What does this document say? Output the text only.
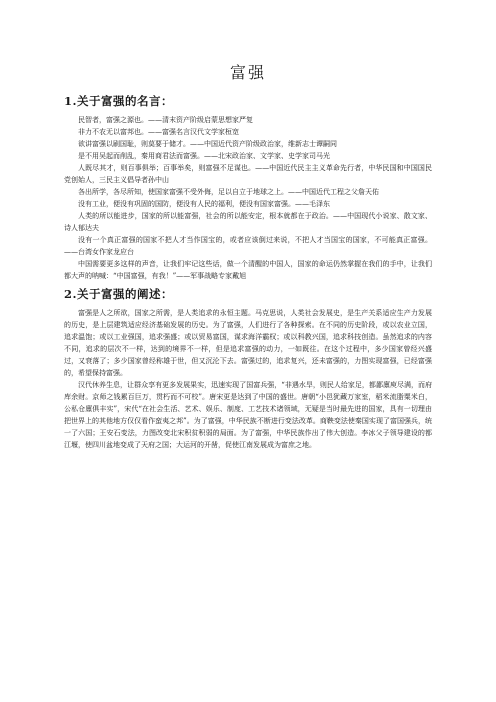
富强
1.关于富强的名言：

民智者，富强之源也。——清末资产阶级启蒙思想家严复

非力不农无以富邦也。——富强名言汉代文学家桓宽

欲讲富强以刷国耻，则莫要于储才。——中国近代资产阶级政治家，维新志士谭嗣同

是不用吴起而削乱，秦用商君法而富强。——北宋政治家、文学家、史学家司马光

人既尽其才，则百事俱举；百事举矣，则富强不足谋也。——中国近代民主主义革命先行者，中华民国和中国国民党创始人，三民主义倡导者孙中山

各出所学，各尽所知，使国家富强不受外侮，足以自立于地球之上。——中国近代工程之父詹天佑

没有工业，便没有巩固的国防，便没有人民的福利，便没有国家富强。——毛泽东

人类的所以能进步，国家的所以能富强，社会的所以能安定，根本就都在于政治。——中国现代小说家、散文家、诗人郁达夫

没有一个真正富强的国家不把人才当作国宝的，或者应该倒过来说，不把人才当国宝的国家，不可能真正富强。——台湾女作家龙应台

中国需要更多这样的声音，让我们牢记这些话，做一个清醒的中国人，国家的命运仍然掌握在我们的手中，让我们都大声的呐喊：“中国富强，有我！”——军事战略专家戴旭

2.关于富强的阐述：

富强是人之所欲，国家之所需，是人类追求的永恒主题。马克思说，人类社会发展史，是生产关系适应生产力发展的历史，是上层建筑适应经济基础发展的历史。为了富强，人们进行了各种探索。在不同的历史阶段，或以农业立国，追求温饱；或以工业强国，追求强盛；或以贸易富国，谋求海洋霸权；或以科教兴国，追求科技创造。虽然追求的内容不同，追求的层次不一样，达到的境界不一样，但是追求富强的动力，一如既往。在这个过程中，多少国家曾经兴盛过，又衰落了；多少国家曾经称雄于世，但又沉沦下去。富强过的，追求复兴，还未富强的，力图实现富强，已经富强的，希望保持富强。

汉代休养生息，让群众享有更多发展果实，迅速实现了国富兵强，“非遇水旱，则民人给家足，都鄙廪庾尽满，而府库余财。京师之钱累百巨万，贯朽而不可校”。唐宋更是达到了中国的盛世。唐朝“小邑犹藏万家室，稻米流脂粟米白，公私仓廪俱丰实”，宋代“在社会生活、艺术、娱乐、制度、工艺技术诸领域，无疑是当时最先进的国家，具有一切理由把世界上的其他地方仅仅看作蛮夷之邦”。为了富强，中华民族不断进行变法改革。商鞅变法使秦国实现了富国强兵，统一了六国；王安石变法，力图改变北宋积贫积弱的局面。为了富强，中华民族作出了伟大创造。李冰父子领导建设的都江堰，使四川盆地变成了天府之国；大运河的开凿，促使江南发展成为富庶之地。
